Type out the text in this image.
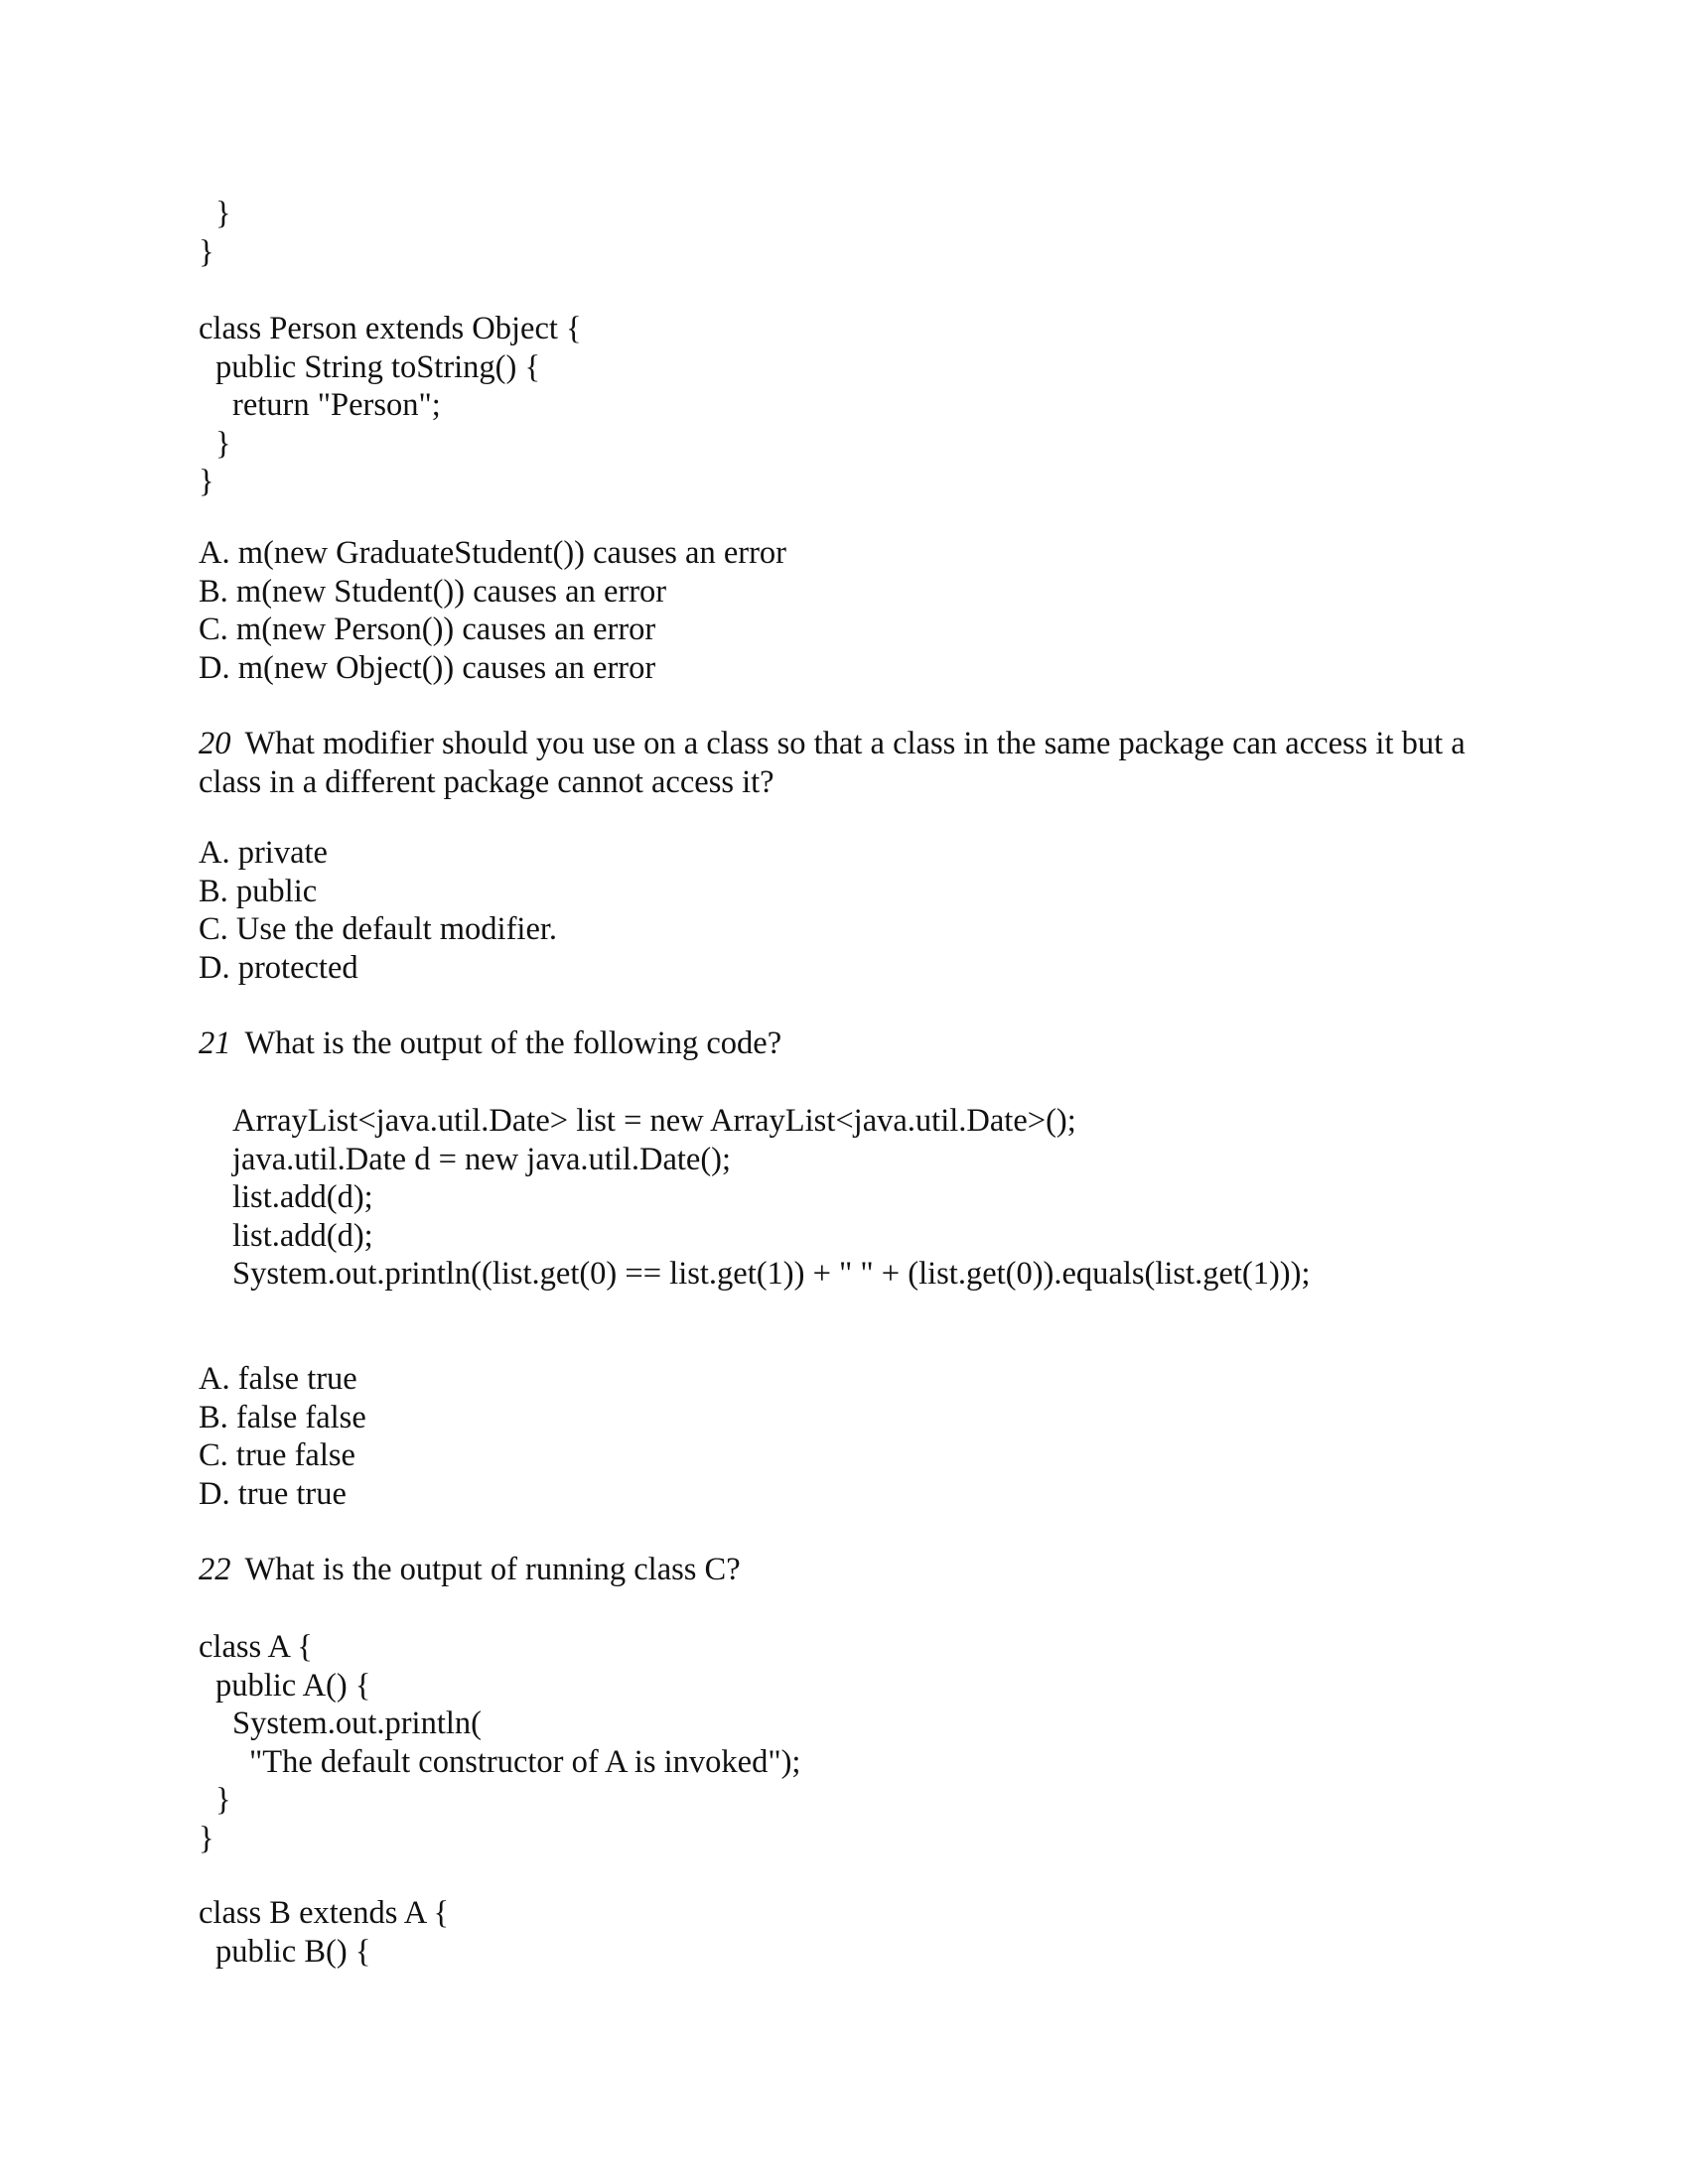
}
}
class Person extends Object {
public String toString() {
return "Person";
}
}
A. m(new GraduateStudent()) causes an error
B. m(new Student()) causes an error
C. m(new Person()) causes an error
D. m(new Object()) causes an error
20 What modifier should you use on a class so that a class in the same package can access it but a class in a different package cannot access it?
A. private
B. public
C. Use the default modifier.
D. protected
21 What is the output of the following code?
ArrayList<java.util.Date> list = new ArrayList<java.util.Date>();
java.util.Date d = new java.util.Date();
list.add(d);
list.add(d);
System.out.println((list.get(0) == list.get(1)) + " " + (list.get(0)).equals(list.get(1)));
A. false true
B. false false
C. true false
D. true true
22 What is the output of running class C?
class A {
public A() {
System.out.println(
"The default constructor of A is invoked");
}
}
class B extends A {
public B() {
